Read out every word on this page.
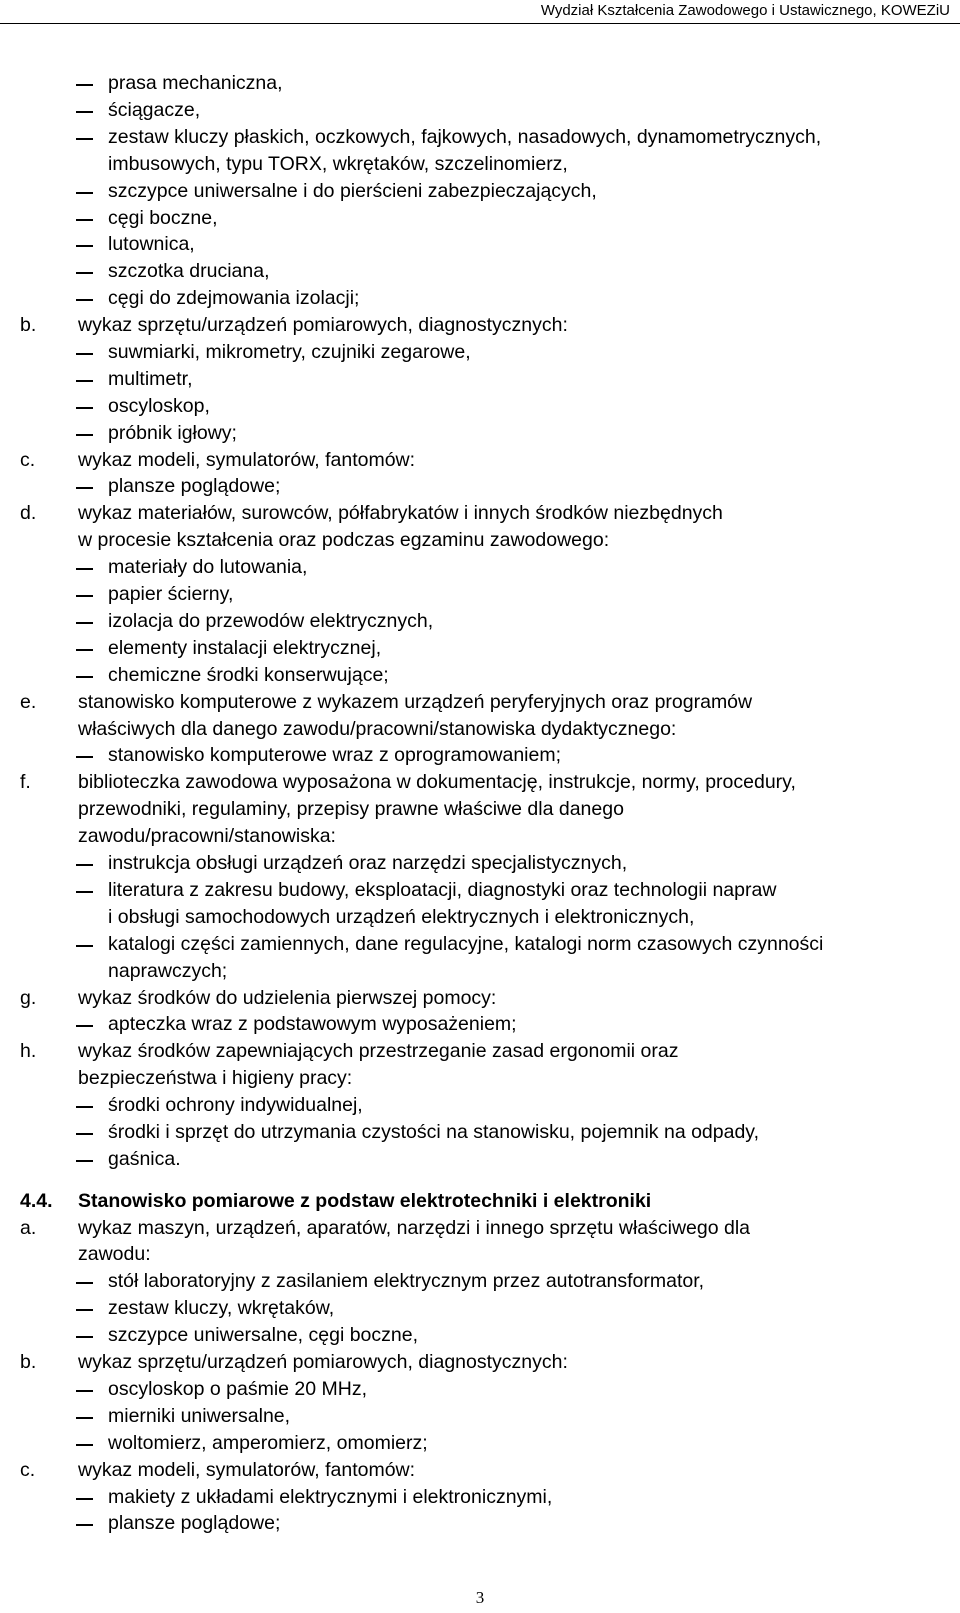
Wydział Kształcenia Zawodowego i Ustawicznego, KOWEZiU
prasa mechaniczna,
ściągacze,
zestaw kluczy płaskich, oczkowych, fajkowych, nasadowych, dynamometrycznych,
imbusowych, typu TORX, wkrętaków, szczelinomierz,
szczypce uniwersalne i do pierścieni zabezpieczających,
cęgi boczne,
lutownica,
szczotka druciana,
cęgi do zdejmowania izolacji;
b. wykaz sprzętu/urządzeń pomiarowych, diagnostycznych:
suwmiarki, mikrometry, czujniki zegarowe,
multimetr,
oscyloskop,
próbnik igłowy;
c. wykaz modeli, symulatorów, fantomów:
plansze poglądowe;
d. wykaz materiałów, surowców, półfabrykatów i innych środków niezbędnych
w procesie kształcenia oraz podczas egzaminu zawodowego:
materiały do lutowania,
papier ścierny,
izolacja do przewodów elektrycznych,
elementy instalacji elektrycznej,
chemiczne środki konserwujące;
e. stanowisko komputerowe z wykazem urządzeń peryferyjnych oraz programów
właściwych dla danego zawodu/pracowni/stanowiska dydaktycznego:
stanowisko komputerowe wraz z oprogramowaniem;
f. biblioteczka zawodowa wyposażona w dokumentację, instrukcje, normy, procedury,
przewodniki, regulaminy, przepisy prawne właściwe dla danego
zawodu/pracowni/stanowiska:
instrukcja obsługi urządzeń oraz narzędzi specjalistycznych,
literatura z zakresu budowy, eksploatacji, diagnostyki oraz technologii napraw
i obsługi samochodowych urządzeń elektrycznych i elektronicznych,
katalogi części zamiennych, dane regulacyjne, katalogi norm czasowych czynności
naprawczych;
g. wykaz środków do udzielenia pierwszej pomocy:
apteczka wraz z podstawowym wyposażeniem;
h. wykaz środków zapewniających przestrzeganie zasad ergonomii oraz
bezpieczeństwa i higieny pracy:
środki ochrony indywidualnej,
środki i sprzęt do utrzymania czystości na stanowisku, pojemnik na odpady,
gaśnica.
4.4. Stanowisko pomiarowe z podstaw elektrotechniki i elektroniki
a. wykaz maszyn, urządzeń, aparatów, narzędzi i innego sprzętu właściwego dla
zawodu:
stół laboratoryjny z zasilaniem elektrycznym przez autotransformator,
zestaw kluczy, wkrętaków,
szczypce uniwersalne, cęgi boczne,
b. wykaz sprzętu/urządzeń pomiarowych, diagnostycznych:
oscyloskop o paśmie 20 MHz,
mierniki uniwersalne,
woltomierz, amperomierz, omomierz;
c. wykaz modeli, symulatorów, fantomów:
makiety z układami elektrycznymi i elektronicznymi,
plansze poglądowe;
3
